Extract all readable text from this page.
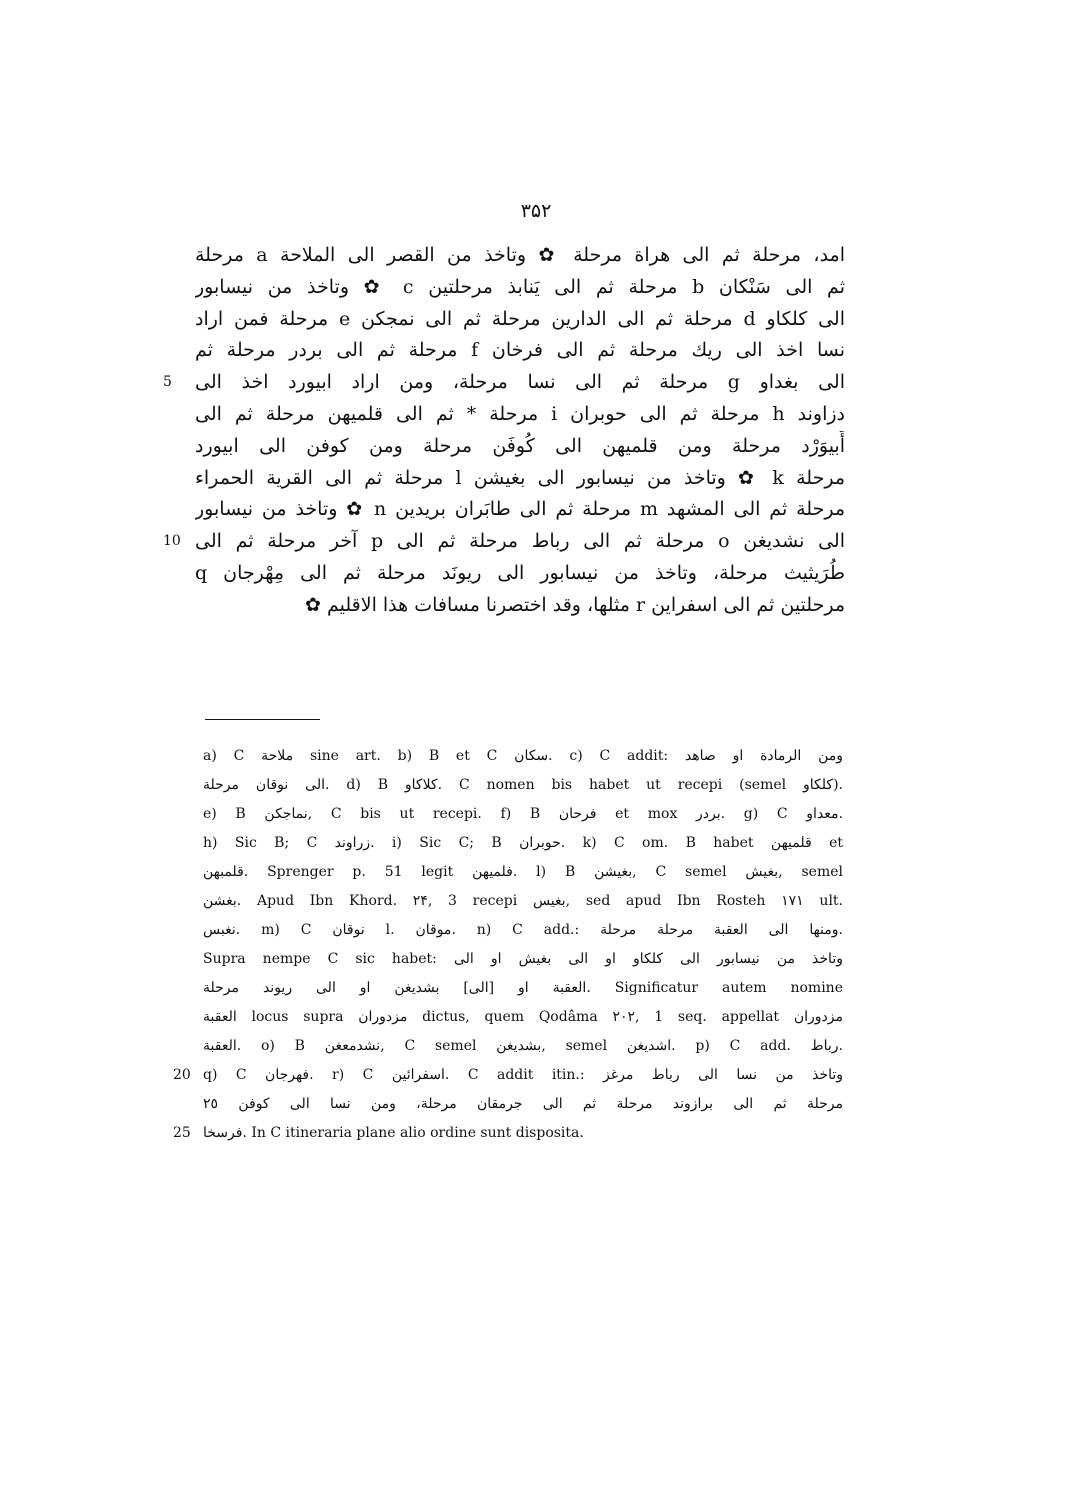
۳۵۲
امد، مرحلة ثم الى هراة مرحلة ✿ وتاخذ من القصر الى الملاحة a مرحلة
ثم الى سَنْكان b مرحلة ثم الى يَنابذ مرحلتين c ✿ وتاخذ من نيسابور
الى كلكاو d مرحلة ثم الى الدارين مرحلة ثم الى نمجكن e مرحلة فمن اراد
نسا اخذ الى ريك مرحلة ثم الى فرخان f مرحلة ثم الى بردر مرحلة ثم
5 الى بغداو g مرحلة ثم الى نسا مرحلة، ومن اراد ابيورد اخذ الى
دزاوند h مرحلة ثم الى حوبران i مرحلة * ثم الى قلميهن مرحلة ثم الى
أَبيوَرْد مرحلة ومن قلميهن الى كُوفَن مرحلة ومن كوفن الى ابيورد
مرحلة k ✿ وتاخذ من نيسابور الى بغيشن l مرحلة ثم الى القرية الحمراء
مرحلة ثم الى المشهد m مرحلة ثم الى طابَران بريدين n ✿ وتاخذ من نيسابور
10 الى نشديغن o مرحلة ثم الى رباط مرحلة ثم الى p آخر مرحلة ثم الى
طُرَيثيث مرحلة، وتاخذ من نيسابور الى ريونَد مرحلة ثم الى مِهْرجان q
مرحلتين ثم الى اسفراين r مثلها، وقد اختصرنا مسافات هذا الاقليم ✿
a) C ملاحة sine art. b) B et C سكان. c) C addit: ومن الرمادة او صاهد
الى نوقان مرحلة. d) B كلاكاو. C nomen bis habet ut recepi (semel كلكاو).
e) B نماجكن, C bis ut recepi. f) B فرحان et mox بردر. g) C معداو.
h) Sic B; C زراوند. i) Sic C; B حوبران. k) C om. B habet قلميهن et
قلمبهن. Sprenger p. 51 legit فلميهن. l) B بغيشن, C semel بغيش, semel
بغشن. Apud Ibn Khord. ۲۴, 3 recepi بغيس, sed apud Ibn Rosteh ۱۷۱ ult.
نغبس. m) C نوقان l. موقان. n) C add.: ومنها الى العقبة مرحلة مرحلة.
Supra nempe C sic habet: وتاخذ من نيسابور الى كلكاو او الى بغيش او الى
العقبة او [الى] بشديغن او الى ريوند مرحلة. Significatur autem nomine
العقبة locus supra مزدوران dictus, quem Qodâma ۲۰۲, 1 seq. appellat مزدوران
العقبة. o) B نشدمعغن, C semel بشديغن, semel اشديغن. p) C add. رباط.
20 q) C فهرجان. r) C اسفرائين. C addit itin.: وتاخذ من نسا الى رباط مرغز
مرحلة ثم الى برازوند مرحلة ثم الى جرمقان مرحلة، ومن نسا الى كوفن ۲٥
25 فرسخا. In C itineraria plane alio ordine sunt disposita.
